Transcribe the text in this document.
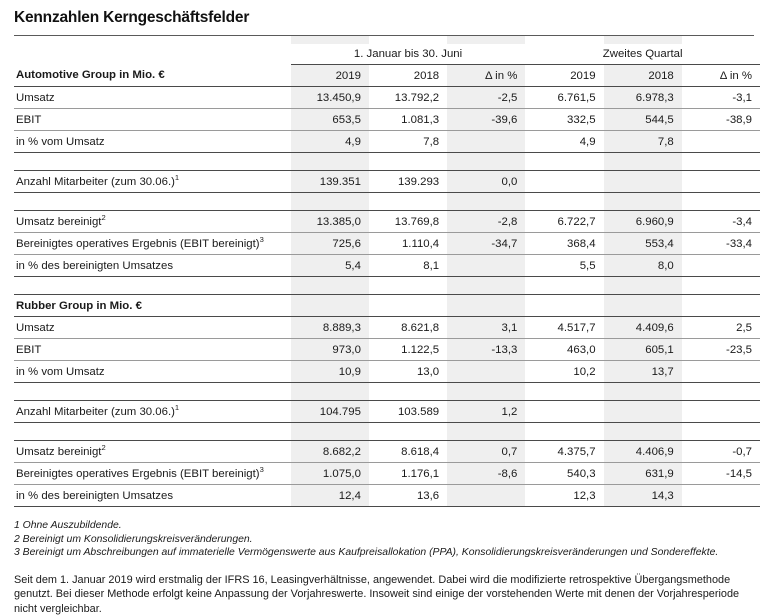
Kennzahlen Kerngeschäftsfelder

	1. Januar bis 30. Juni			Zweites Quartal		
Automotive Group in Mio. €	2019	2018	Δ in %	2019	2018	Δ in %
Umsatz	13.450,9	13.792,2	-2,5	6.761,5	6.978,3	-3,1
EBIT	653,5	1.081,3	-39,6	332,5	544,5	-38,9
in % vom Umsatz	4,9	7,8		4,9	7,8	

Anzahl Mitarbeiter (zum 30.06.)$^1$	139.351	139.293	0,0			

Umsatz bereinigt$^2$	13.385,0	13.769,8	-2,8	6.722,7	6.960,9	-3,4
Bereinigtes operatives Ergebnis (EBIT bereinigt)$^3$	725,6	1.110,4	-34,7	368,4	553,4	-33,4
in % des bereinigten Umsatzes	5,4	8,1		5,5	8,0	

Rubber Group in Mio. €						
Umsatz	8.889,3	8.621,8	3,1	4.517,7	4.409,6	2,5
EBIT	973,0	1.122,5	-13,3	463,0	605,1	-23,5
in % vom Umsatz	10,9	13,0		10,2	13,7	

Anzahl Mitarbeiter (zum 30.06.)$^1$	104.795	103.589	1,2			

Umsatz bereinigt$^2$	8.682,2	8.618,4	0,7	4.375,7	4.406,9	-0,7
Bereinigtes operatives Ergebnis (EBIT bereinigt)$^3$	1.075,0	1.176,1	-8,6	540,3	631,9	-14,5
in % des bereinigten Umsatzes	12,4	13,6		12,3	14,3	
1 Ohne Auszubildende.
2 Bereinigt um Konsolidierungskreisveränderungen.
3 Bereinigt um Abschreibungen auf immaterielle Vermögenswerte aus Kaufpreisallokation (PPA), Konsolidierungskreisveränderungen und Sondereffekte.
Seit dem 1. Januar 2019 wird erstmalig der IFRS 16, Leasingverhältnisse, angewendet. Dabei wird die modifizierte retrospektive Übergangsmethode genutzt. Bei dieser Methode erfolgt keine Anpassung der Vorjahreswerte. Insoweit sind einige der vorstehenden Werte mit denen der Vorjahresperiode nicht vergleichbar.
